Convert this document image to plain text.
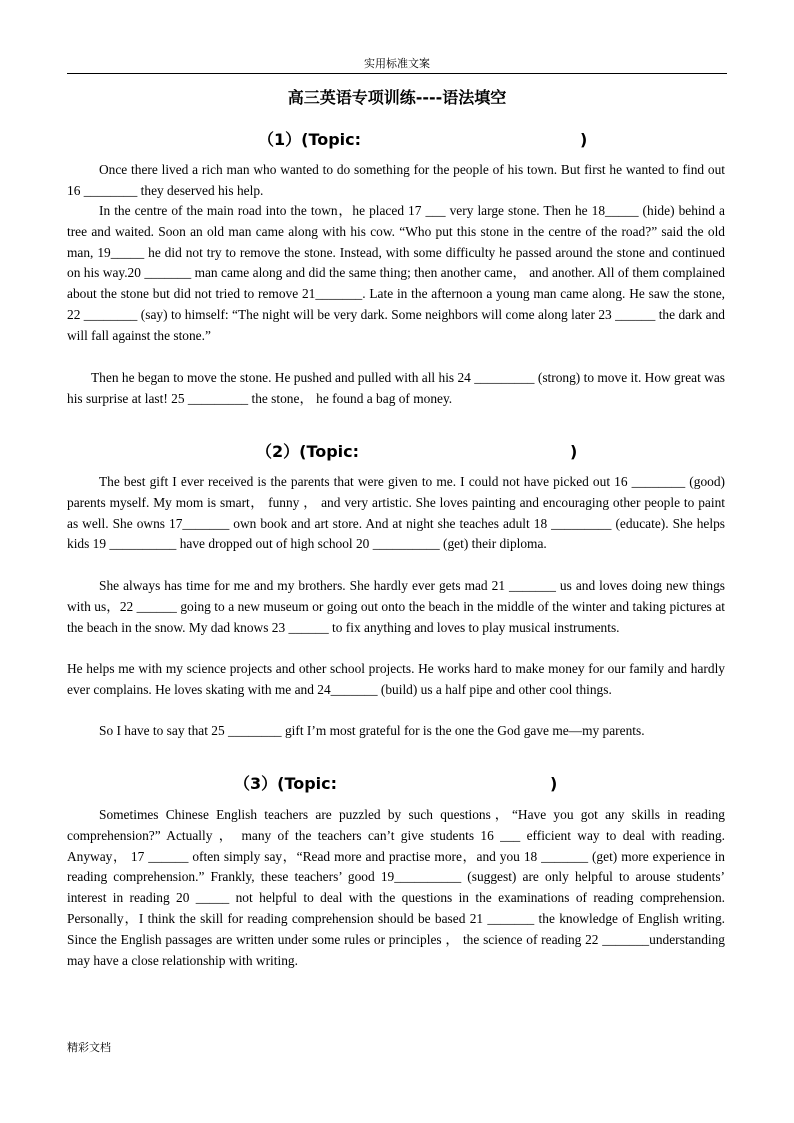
实用标准文案
高三英语专项训练----语法填空
（1）(Topic:	)

Once there lived a rich man who wanted to do something for the people of his town. But first he wanted to find out 16 ________ they deserved his help.

In the centre of the main road into the town，he placed 17 ___ very large stone. Then he 18_____ (hide) behind a tree and waited. Soon an old man came along with his cow. “Who put this stone in the centre of the road?” said the old man, 19_____ he did not try to remove the stone. Instead, with some difficulty he passed around the stone and continued on his way.20 _______ man came along and did the same thing; then another came， and another. All of them complained about the stone but did not tried to remove 21_______. Late in the afternoon a young man came along. He saw the stone, 22 ________ (say) to himself: “The night will be very dark. Some neighbors will come along later 23 ______ the dark and will fall against the stone.”

Then he began to move the stone. He pushed and pulled with all his 24 _________ (strong) to move it. How great was his surprise at last! 25 _________ the stone， he found a bag of money.

（2）(Topic:	)

The best gift I ever received is the parents that were given to me. I could not have picked out 16 ________ (good) parents myself. My mom is smart， funny ， and very artistic. She loves painting and encouraging other people to paint as well. She owns 17_______ own book and art store. And at night she teaches adult 18 _________ (educate). She helps kids 19 __________ have dropped out of high school 20 __________ (get) their diploma.

She always has time for me and my brothers. She hardly ever gets mad 21 _______ us and loves doing new things with us，22 ______ going to a new museum or going out onto the beach in the middle of the winter and taking pictures at the beach in the snow. My dad knows 23 ______ to fix anything and loves to play musical instruments.

He helps me with my science projects and other school projects. He works hard to make money for our family and hardly ever complains. He loves skating with me and 24_______ (build) us a half pipe and other cool things.

So I have to say that 25 ________ gift I’m most grateful for is the one the God gave me—my parents.

（3）(Topic:	)

Sometimes Chinese English teachers are puzzled by such questions，“Have you got any skills in reading comprehension?” Actually ， many of the teachers can’t give students 16 ___ efficient way to deal with reading. Anyway， 17 ______ often simply say，“Read more and practise more，and you 18 _______ (get) more experience in reading comprehension.” Frankly, these teachers’ good 19__________ (suggest) are only helpful to arouse students’ interest in reading 20 _____ not helpful to deal with the questions in the examinations of reading comprehension. Personally，I think the skill for reading comprehension should be based 21 _______ the knowledge of English writing. Since the English passages are written under some rules or principles ， the science of reading 22 _______understanding may have a close relationship with writing.

精彩文档
